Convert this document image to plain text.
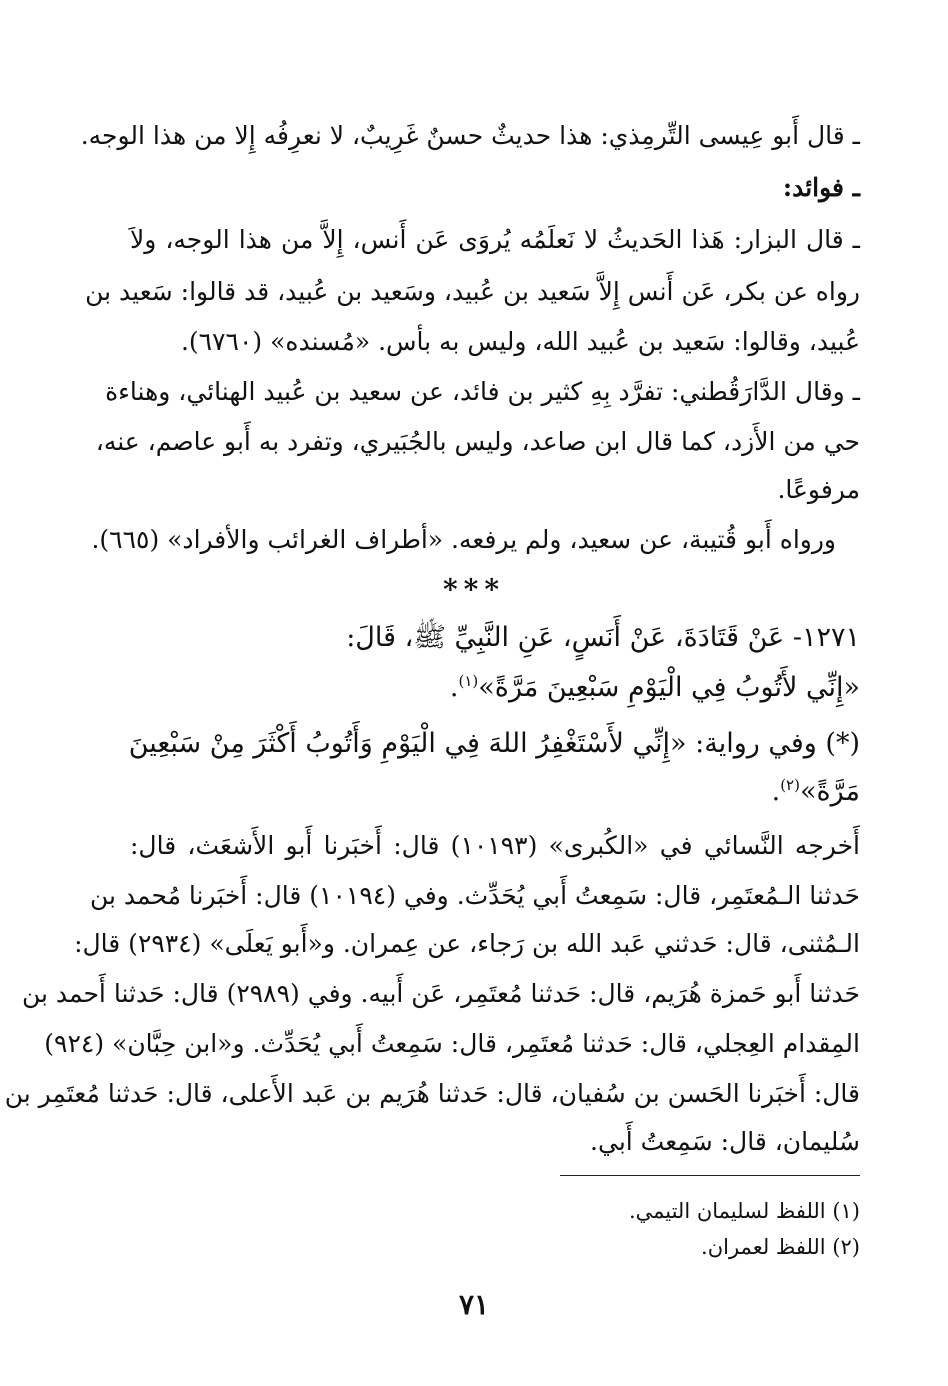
ـ قال أَبو عِيسى التِّرمِذي: هذا حديثٌ حسنٌ غَرِيبٌ، لا نعرِفُه إِلا من هذا الوجه.
ـ فوائد:
ـ قال البزار: هَذا الحَديثُ لا نَعلَمُه يُروَى عَن أَنس، إِلاَّ من هذا الوجه، ولاَ
رواه عن بكر، عَن أَنس إِلاَّ سَعيد بن عُبيد، وسَعيد بن عُبيد، قد قالوا: سَعيد بن
عُبيد، وقالوا: سَعيد بن عُبيد الله، وليس به بأس. «مُسنده» (٦٧٦٠).
ـ وقال الدَّارَقُطني: تفرَّد بِهِ كثير بن فائد، عن سعيد بن عُبيد الهنائي، وهناءة
حي من الأَزد، كما قال ابن صاعد، وليس بالجُبَيري، وتفرد به أَبو عاصم، عنه،
مرفوعًا.
ورواه أَبو قُتيبة، عن سعيد، ولم يرفعه. «أطراف الغرائب والأفراد» (٦٦٥).
***
١٢٧١- عَنْ قَتَادَةَ، عَنْ أَنَسٍ، عَنِ النَّبِيِّ ﷺ، قَالَ:
«إِنِّي لأَتُوبُ فِي الْيَوْمِ سَبْعِينَ مَرَّةً»$^{(١)}$.
(*) وفي رواية: «إِنِّي لأَسْتَغْفِرُ اللهَ فِي الْيَوْمِ وَأَتُوبُ أَكْثَرَ مِنْ سَبْعِينَ
مَرَّةً»$^{(٢)}$.
أَخرجه النَّسائي في «الكُبرى» (١٠١٩٣) قال: أَخبَرنا أَبو الأَشعَث، قال:
حَدثنا الـمُعتَمِر، قال: سَمِعتُ أَبي يُحَدِّث. وفي (١٠١٩٤) قال: أَخبَرنا مُحمد بن
الـمُثنى، قال: حَدثني عَبد الله بن رَجاء، عن عِمران. و«أَبو يَعلَى» (٢٩٣٤) قال:
حَدثنا أَبو حَمزة هُرَيم، قال: حَدثنا مُعتَمِر، عَن أَبيه. وفي (٢٩٨٩) قال: حَدثنا أَحمد بن
المِقدام العِجلي، قال: حَدثنا مُعتَمِر، قال: سَمِعتُ أَبي يُحَدِّث. و«ابن حِبَّان» (٩٢٤)
قال: أَخبَرنا الحَسن بن سُفيان، قال: حَدثنا هُرَيم بن عَبد الأَعلى، قال: حَدثنا مُعتَمِر بن
سُليمان، قال: سَمِعتُ أَبي.
(١) اللفظ لسليمان التيمي.
(٢) اللفظ لعمران.
٧١
